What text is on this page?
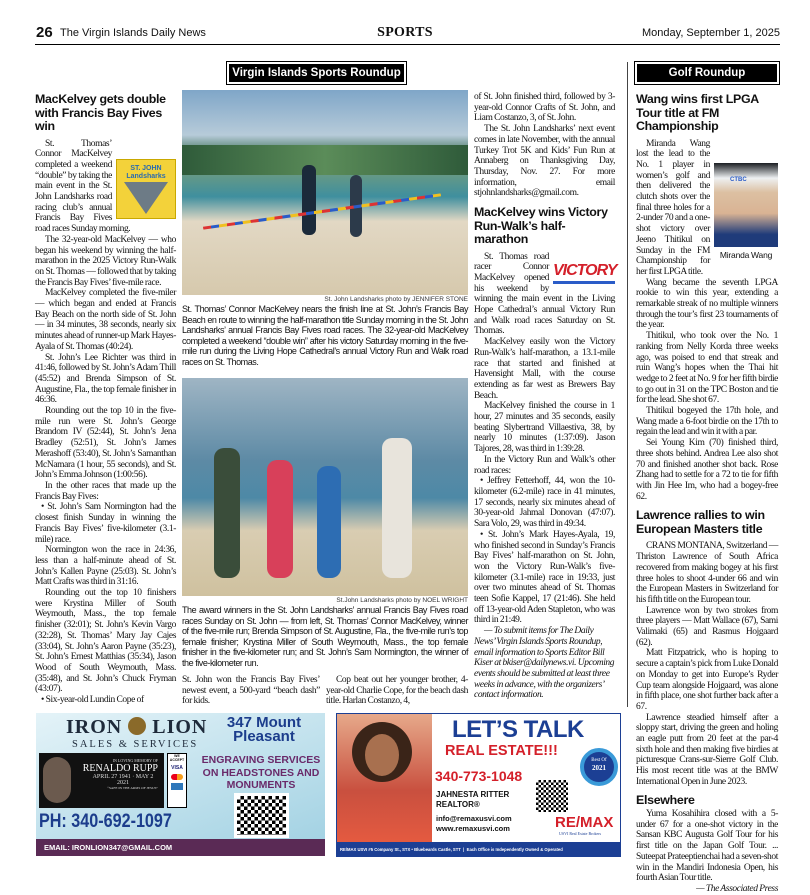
26 The Virgin Islands Daily News	SPORTS	Monday, September 1, 2025
Virgin Islands Sports Roundup	Golf Roundup
MacKelvey gets double with Francis Bay Fives win
ST. JOHN Landsharks

St. Thomas’ Connor MacKelvey completed a weekend “double” by taking the main event in the St. John Landsharks road racing club’s annual Francis Bay Fives road races Sunday morning.

The 32-year-old MacKelvey — who began his weekend by winning the half-marathon in the 2025 Victory Run-Walk on St. Thomas — followed that by taking the Francis Bay Fives’ five-mile race.

MacKelvey completed the five-miler — which began and ended at Francis Bay Beach on the north side of St. John — in 34 minutes, 38 seconds, nearly six minutes ahead of runner-up Mark Hayes-Ayala of St. Thomas (40:24).

St. John’s Lee Richter was third in 41:46, followed by St. John’s Adam Thill (45:52) and Brenda Simpson of St. Augustine, Fla., the top female finisher in 46:36.

Rounding out the top 10 in the five-mile run were St. John’s George Brandom IV (52:44), St. John’s Jena Bradley (52:51), St. John’s James Merashoff (53:40), St. John’s Samanthan McNamara (1 hour, 55 seconds), and St. John’s Emma Johnson (1:00:56).

In the other races that made up the Francis Bay Fives:

• St. John’s Sam Normington had the closest finish Sunday in winning the Francis Bay Fives’ five-kilometer (3.1-mile) race.

Normington won the race in 24:36, less than a half-minute ahead of St. John’s Kallen Payne (25:03). St. John’s Matt Crafts was third in 31:16.

Rounding out the top 10 finishers were Krystina Miller of South Weymouth, Mass., the top female finisher (32:01); St. John’s Kevin Vargo (32:28), St. Thomas’ Mary Jay Cajes (33:04), St. John’s Aaron Payne (35:23), St. John’s Ernest Matthias (35:34), Jason Wood of South Weymouth, Mass. (35:48), and St. John’s Chuck Fryman (43:07).

• Six-year-old Lundin Cope of

St. John Landsharks photo by JENNIFER STONE
St. Thomas’ Connor MacKelvey nears the finish line at St. John’s Francis Bay Beach en route to winning the half-marathon title Sunday morning in the St. John Landsharks’ annual Francis Bay Fives road races. The 32-year-old MacKelvey completed a weekend “double win” after his victory Saturday morning in the five-mile run during the Living Hope Cathedral’s annual Victory Run and Walk road races on St. Thomas.
St.John Landsharks photo by NOEL WRIGHT
The award winners in the St. John Landsharks’ annual Francis Bay Fives road races Sunday on St. John — from left, St. Thomas’ Connor MacKelvey, winner of the five-mile run; Brenda Simpson of St. Augustine, Fla., the five-mile run’s top female finisher; Krystina Miller of South Weymouth, Mass., the top female finisher in the five-kilometer run; and St. John’s Sam Normington, the winner of the five-kilometer run.

St. John won the Francis Bay Fives’ newest event, a 500-yard “beach dash” for kids.

Cop beat out her younger brother, 4-year-old Charlie Cope, for the beach dash title. Harlan Costanzo, 4,

of St. John finished third, followed by 3-year-old Connor Crafts of St. John, and Liam Costanzo, 3, of St. John.

The St. John Landsharks’ next event comes in late November, with the annual Turkey Trot 5K and Kids’ Fun Run at Annaberg on Thanksgiving Day, Thursday, Nov. 27. For more information, email stjohnlandsharks@gmail.com.

MacKelvey wins Victory Run-Walk’s half-marathon
VICTORY

St. Thomas road racer Connor MacKelvey opened his weekend by winning the main event in the Living Hope Cathedral’s annual Victory Run and Walk road races Saturday on St. Thomas.

MacKelvey easily won the Victory Run-Walk’s half-marathon, a 13.1-mile race that started and finished at Havensight Mall, with the course extending as far west as Brewers Bay Beach.

MacKelvey finished the course in 1 hour, 27 minutes and 35 seconds, easily beating Slybertrand Villaestiva, 38, by nearly 10 minutes (1:37:09). Jason Tajores, 28, was third in 1:39:28.

In the Victory Run and Walk’s other road races:

• Jeffrey Fetterhoff, 44, won the 10-kilometer (6.2-mile) race in 41 minutes, 17 seconds, nearly six minutes ahead of 30-year-old Jahmal Donovan (47:07). Sara Volo, 29, was third in 49:34.

• St. John’s Mark Hayes-Ayala, 19, who finished second in Sunday’s Francis Bay Fives’ half-marathon on St. John, won the Victory Run-Walk’s five-kilometer (3.1-mile) race in 19:33, just over two minutes ahead of St. Thomas teen Sofie Kappel, 17 (21:46). She held off 13-year-old Aden Stapleton, who was third in 21:49.

— To submit items for The Daily News’ Virgin Islands Sports Roundup, email information to Sports Editor Bill Kiser at bkiser@dailynews.vi. Upcoming events should be submitted at least three weeks in advance, with the organizers’ contact information.

Wang wins first LPGA Tour title at FM Championship
CTBC
Miranda Wang

Miranda Wang lost the lead to the No. 1 player in women’s golf and then delivered the clutch shots over the final three holes for a 2-under 70 and a one-shot victory over Jeeno Thitikul on Sunday in the FM Championship for her first LPGA title.

Wang became the seventh LPGA rookie to win this year, extending a remarkable streak of no multiple winners through the tour’s first 23 tournaments of the year.

Thitikul, who took over the No. 1 ranking from Nelly Korda three weeks ago, was poised to end that streak and ruin Wang’s hopes when the Thai hit wedge to 2 feet at No. 9 for her fifth birdie to go out in 31 on the TPC Boston and tie for the lead. She shot 67.

Thitikul bogeyed the 17th hole, and Wang made a 6-foot birdie on the 17th to regain the lead and win it with a par.

Sei Young Kim (70) finished third, three shots behind. Andrea Lee also shot 70 and finished another shot back. Rose Zhang had to settle for a 72 to tie for fifth with Jin Hee Im, who had a bogey-free 62.

Lawrence rallies to win European Masters title

CRANS MONTANA, Switzerland — Thriston Lawrence of South Africa recovered from making bogey at his first three holes to shoot 4-under 66 and win the European Masters in Switzerland for his fifth title on the European tour.

Lawrence won by two strokes from three players — Matt Wallace (67), Sami Valimaki (65) and Rasmus Hojgaard (62).

Matt Fitzpatrick, who is hoping to secure a captain’s pick from Luke Donald on Monday to get into Europe’s Ryder Cup team alongside Hojgaard, was alone in fifth place, one shot further back after a 67.

Lawrence steadied himself after a sloppy start, driving the green and holing an eagle putt from 20 feet at the par-4 sixth hole and then making five birdies at picturesque Crans-sur-Sierre Golf Club. His most recent title was at the BMW International Open in June 2023.

Elsewhere

Yuma Kosahihira closed with a 5-under 67 for a one-shot victory in the Sansan KBC Augusta Golf Tour for his first title on the Japan Golf Tour. ... Suteepat Prateeptienchai had a seven-shot win in the Mandiri Indonesia Open, his fourth Asian Tour title.

— The Associated Press

IRON LION
SALES & SERVICES
347 Mount Pleasant
ENGRAVING SERVICES ON HEADSTONES AND MONUMENTS
IN LOVING MEMORY OF
RENALDO RUPP
APRIL 27 1941 · MAY 2 2021
“SAFE IN THE ARMS OF JESUS”
WE ACCEPT
VISA
PH: 340-692-1097
EMAIL: IRONLION347@GMAIL.COM
LET’S TALK
REAL ESTATE!!!
340-773-1048
JAHNESTA RITTER
REALTOR®
info@remaxusvi.com
www.remaxusvi.com
Best Of
2021
RE/MAX
USVI Real Estate Brokers
RE/MAX USVI #5 Company St., STX • Bluebeards Castle, STT  |  Each Office is Independently Owned & Operated
